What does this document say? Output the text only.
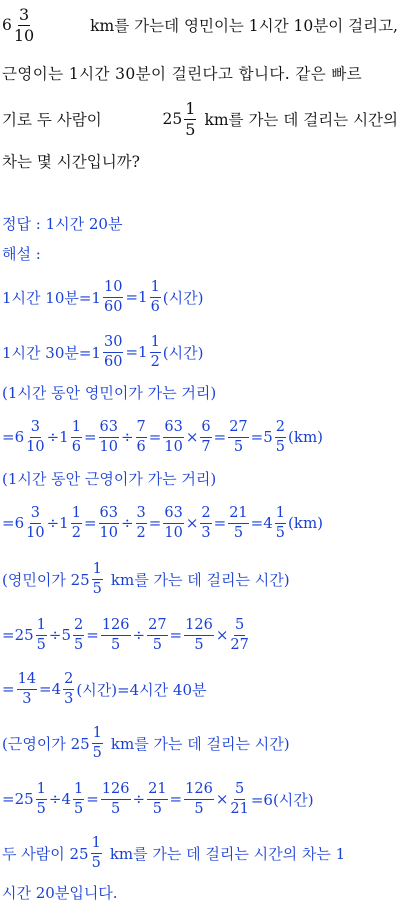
$6 \frac{3}{10}$	km를 가는데 영민이는 1시간 10분이 걸리고,
근영이는 1시간 30분이 걸린다고 합니다. 같은 빠르
기로 두 사람이	$25 \frac{1}{5}$ km를 가는 데 걸리는 시간의
차는 몇 시간입니까?
정답 : 1시간 20분
해설 :
1시간 10분$=1 \frac{10}{60} =1 \frac{1}{6}$ (시간)
1시간 30분$=1 \frac{30}{60} =1 \frac{1}{2}$ (시간)
(1시간 동안 영민이가 가는 거리)
$=6 \frac{3}{10} \div 1 \frac{1}{6} = \frac{63}{10} \div \frac{7}{6} = \frac{63}{10} \times \frac{6}{7} = \frac{27}{5} =5 \frac{2}{5} (km)$
(1시간 동안 근영이가 가는 거리)
$=6 \frac{3}{10} \div 1 \frac{1}{2} = \frac{63}{10} \div \frac{3}{2} = \frac{63}{10} \times \frac{2}{3} = \frac{21}{5} =4 \frac{1}{5} (km)$
(영민이가 $25 \frac{1}{5}$ km를 가는 데 걸리는 시간)
$=25 \frac{1}{5} \div 5 \frac{2}{5} = \frac{126}{5} \div \frac{27}{5} = \frac{126}{5} \times \frac{5}{27}$
= $\frac{14}{3} =4 \frac{2}{3}$ (시간)=4시간 40분
(근영이가 $25 \frac{1}{5}$ km를 가는 데 걸리는 시간)
$=25 \frac{1}{5} \div 4 \frac{1}{5} = \frac{126}{5} \div \frac{21}{5} = \frac{126}{5} \times \frac{5}{21} =6$(시간)
두 사람이 $25 \frac{1}{5}$ km를 가는 데 걸리는 시간의 차는 1
시간 20분입니다.
